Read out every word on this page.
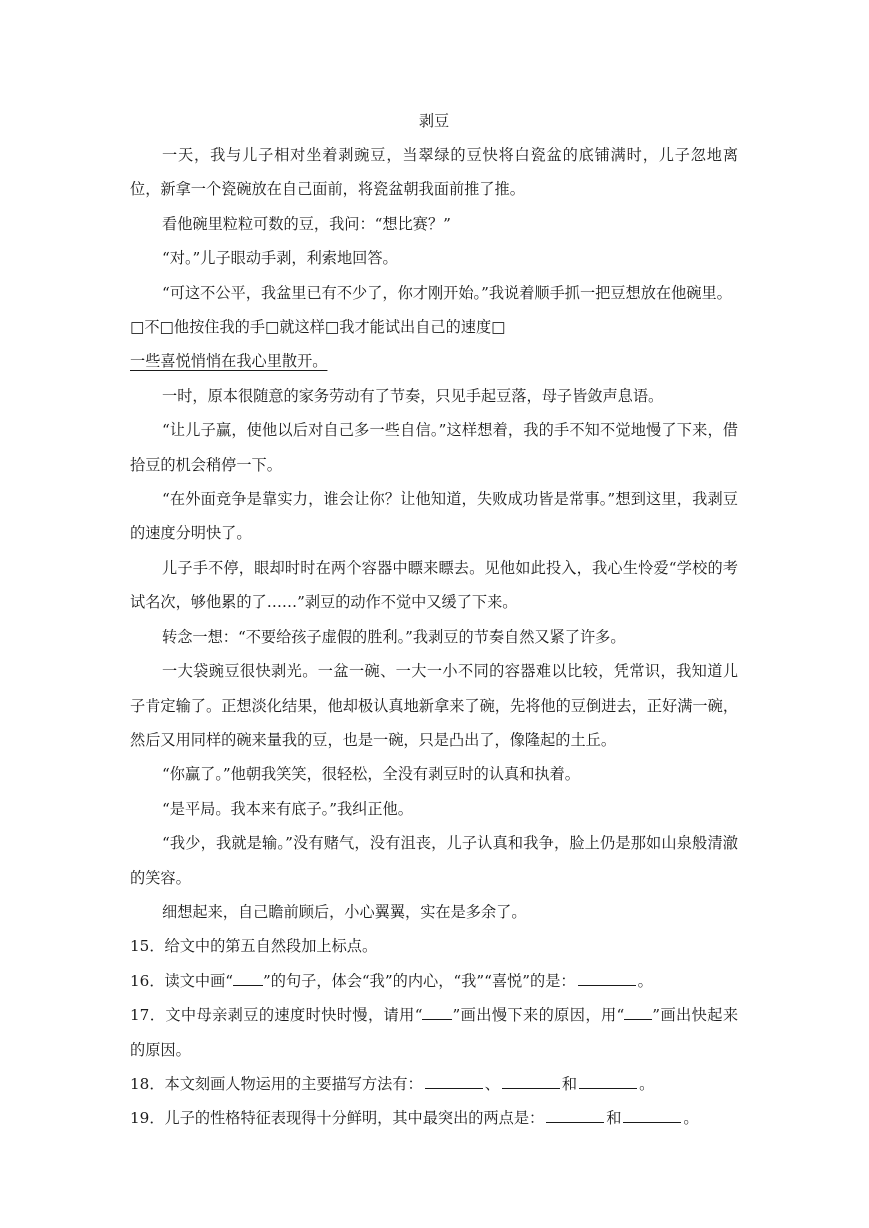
剥豆

一天，我与儿子相对坐着剥豌豆，当翠绿的豆快将白瓷盆的底铺满时，儿子忽地离位，新拿一个瓷碗放在自己面前，将瓷盆朝我面前推了推。

看他碗里粒粒可数的豆，我问：“想比赛？”

“对。”儿子眼动手剥，利索地回答。

“可这不公平，我盆里已有不少了，你才刚开始。”我说着顺手抓一把豆想放在他碗里。

□不□他按住我的手□就这样□我才能试出自己的速度□

一些喜悦悄悄在我心里散开。

一时，原本很随意的家务劳动有了节奏，只见手起豆落，母子皆敛声息语。

“让儿子赢，使他以后对自己多一些自信。”这样想着，我的手不知不觉地慢了下来，借拾豆的机会稍停一下。

“在外面竞争是靠实力，谁会让你？让他知道，失败成功皆是常事。”想到这里，我剥豆的速度分明快了。

儿子手不停，眼却时时在两个容器中瞟来瞟去。见他如此投入，我心生怜爱“学校的考试名次，够他累的了……”剥豆的动作不觉中又缓了下来。

转念一想：“不要给孩子虚假的胜利。”我剥豆的节奏自然又紧了许多。

一大袋豌豆很快剥光。一盆一碗、一大一小不同的容器难以比较，凭常识，我知道儿子肯定输了。正想淡化结果，他却极认真地新拿来了碗，先将他的豆倒进去，正好满一碗，然后又用同样的碗来量我的豆，也是一碗，只是凸出了，像隆起的土丘。

“你赢了。”他朝我笑笑，很轻松，全没有剥豆时的认真和执着。

“是平局。我本来有底子。”我纠正他。

“我少，我就是输。”没有赌气，没有沮丧，儿子认真和我争，脸上仍是那如山泉般清澈的笑容。

细想起来，自己瞻前顾后，小心翼翼，实在是多余了。

15．给文中的第五自然段加上标点。

16．读文中画“ ”的句子，体会“我”的内心，“我”“喜悦”的是：	。

17．文中母亲剥豆的速度时快时慢，请用“ ”画出慢下来的原因，用“ ”画出快起来的原因。

18．本文刻画人物运用的主要描写方法有：	、	和	。

19．儿子的性格特征表现得十分鲜明，其中最突出的两点是：	和	。
